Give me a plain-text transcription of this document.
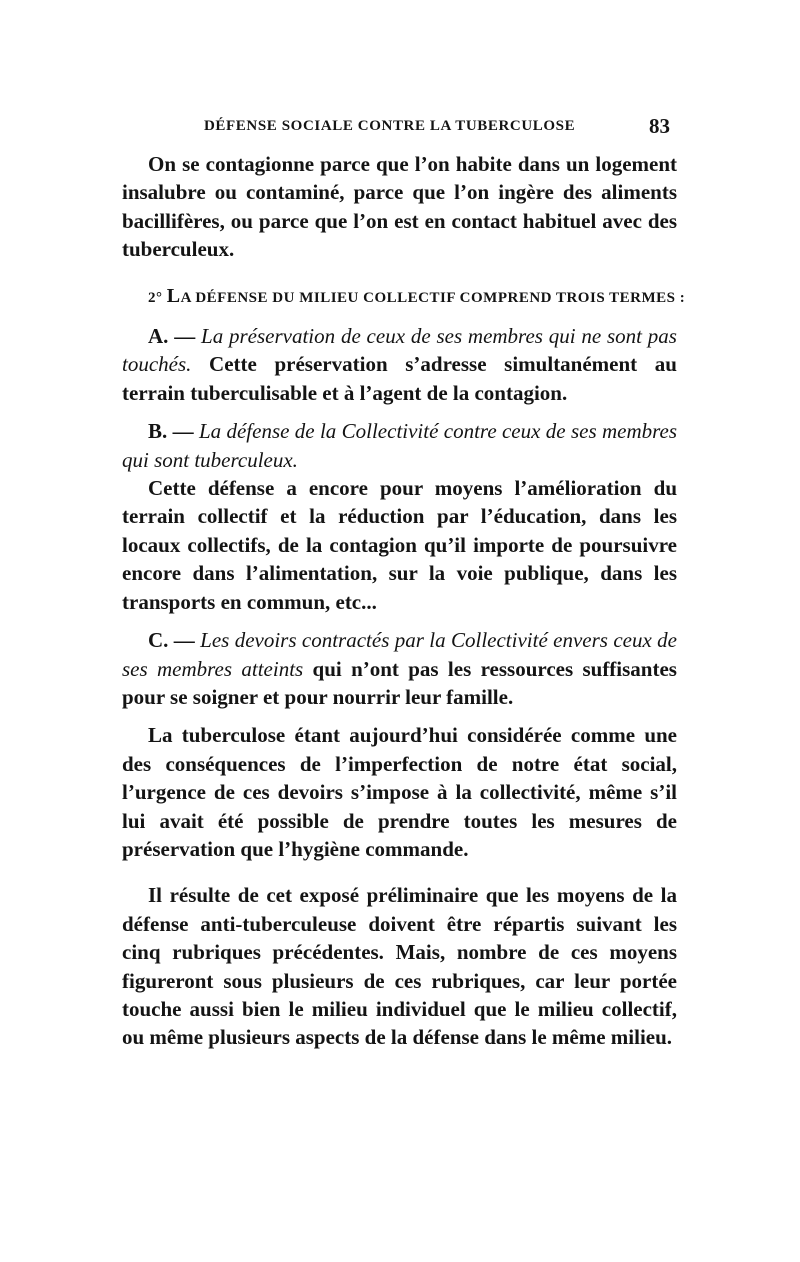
DÉFENSE SOCIALE CONTRE LA TUBERCULOSE	83

On se contagionne parce que l’on habite dans un logement insalubre ou contaminé, parce que l’on ingère des aliments bacillifères, ou parce que l’on est en contact habituel avec des tuberculeux.

2° LA DÉFENSE DU MILIEU COLLECTIF COMPREND TROIS TERMES :

A. — La préservation de ceux de ses membres qui ne sont pas touchés. Cette préservation s’adresse simultanément au terrain tuberculisable et à l’agent de la contagion.

B. — La défense de la Collectivité contre ceux de ses membres qui sont tuberculeux.

Cette défense a encore pour moyens l’amélioration du terrain collectif et la réduction par l’éducation, dans les locaux collectifs, de la contagion qu’il importe de poursuivre encore dans l’alimentation, sur la voie publique, dans les transports en commun, etc...

C. — Les devoirs contractés par la Collectivité envers ceux de ses membres atteints qui n’ont pas les ressources suffisantes pour se soigner et pour nourrir leur famille.

La tuberculose étant aujourd’hui considérée comme une des conséquences de l’imperfection de notre état social, l’urgence de ces devoirs s’impose à la collectivité, même s’il lui avait été possible de prendre toutes les mesures de préservation que l’hygiène commande.

Il résulte de cet exposé préliminaire que les moyens de la défense anti-tuberculeuse doivent être répartis suivant les cinq rubriques précédentes. Mais, nombre de ces moyens figureront sous plusieurs de ces rubriques, car leur portée touche aussi bien le milieu individuel que le milieu collectif, ou même plusieurs aspects de la défense dans le même milieu.
